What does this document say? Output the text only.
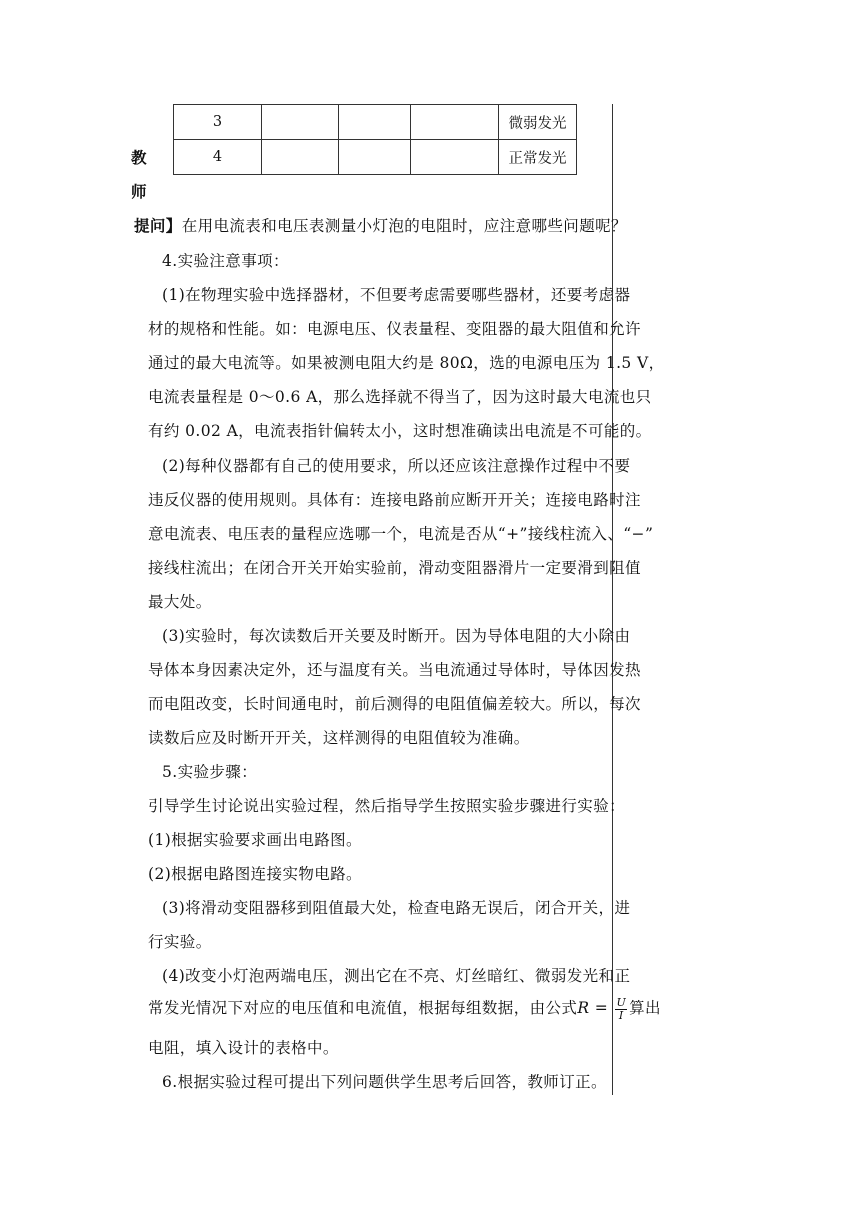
3				微弱发光
4				正常发光
教
师
提问】在用电流表和电压表测量小灯泡的电阻时，应注意哪些问题呢？
4.实验注意事项：
(1)在物理实验中选择器材，不但要考虑需要哪些器材，还要考虑器
材的规格和性能。如：电源电压、仪表量程、变阻器的最大阻值和允许
通过的最大电流等。如果被测电阻大约是 80Ω，选的电源电压为 1.5 V，
电流表量程是 0～0.6 A，那么选择就不得当了，因为这时最大电流也只
有约 0.02 A，电流表指针偏转太小，这时想准确读出电流是不可能的。
(2)每种仪器都有自己的使用要求，所以还应该注意操作过程中不要
违反仪器的使用规则。具体有：连接电路前应断开开关；连接电路时注
意电流表、电压表的量程应选哪一个，电流是否从“+”接线柱流入、“−”
接线柱流出；在闭合开关开始实验前，滑动变阻器滑片一定要滑到阻值
最大处。
(3)实验时，每次读数后开关要及时断开。因为导体电阻的大小除由
导体本身因素决定外，还与温度有关。当电流通过导体时，导体因发热
而电阻改变，长时间通电时，前后测得的电阻值偏差较大。所以，每次
读数后应及时断开开关，这样测得的电阻值较为准确。
5.实验步骤：
引导学生讨论说出实验过程，然后指导学生按照实验步骤进行实验：
(1)根据实验要求画出电路图。
(2)根据电路图连接实物电路。
(3)将滑动变阻器移到阻值最大处，检查电路无误后，闭合开关，进
行实验。
(4)改变小灯泡两端电压，测出它在不亮、灯丝暗红、微弱发光和正
常发光情况下对应的电压值和电流值，根据每组数据，由公式$R = \frac{U}{I}$ 算出
电阻，填入设计的表格中。
6.根据实验过程可提出下列问题供学生思考后回答，教师订正。
